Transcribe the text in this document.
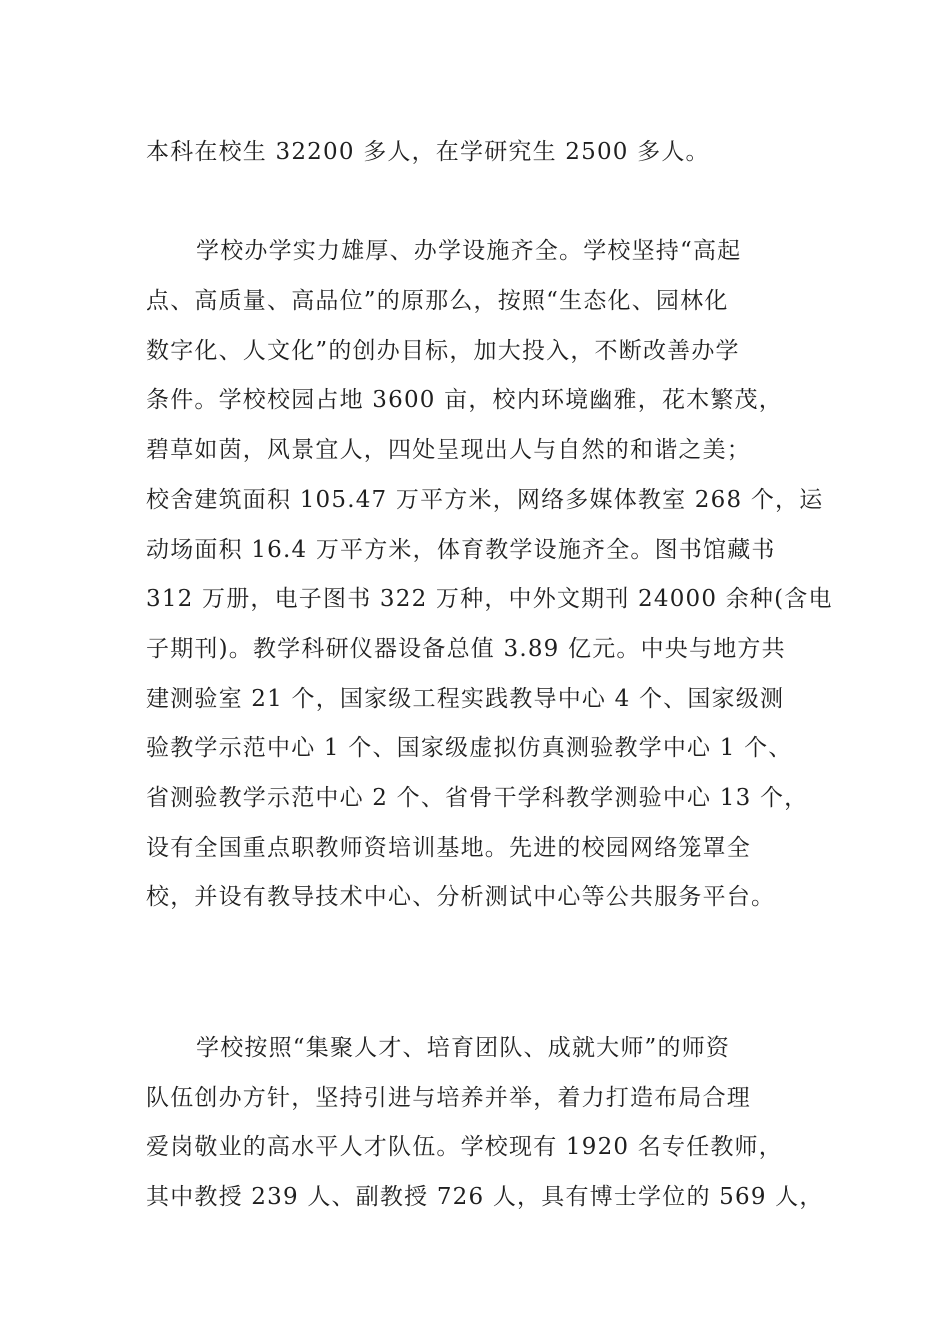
本科在校生 32200 多人，在学研究生 2500 多人。
学校办学实力雄厚、办学设施齐全。学校坚持“高起
点、高质量、高品位”的原那么，按照“生态化、园林化
数字化、人文化”的创办目标，加大投入，不断改善办学
条件。学校校园占地 3600 亩，校内环境幽雅，花木繁茂，
碧草如茵，风景宜人，四处呈现出人与自然的和谐之美；
校舍建筑面积 105.47 万平方米，网络多媒体教室 268 个，运
动场面积 16.4 万平方米，体育教学设施齐全。图书馆藏书
312 万册，电子图书 322 万种，中外文期刊 24000 余种(含电
子期刊)。教学科研仪器设备总值 3.89 亿元。中央与地方共
建测验室 21 个，国家级工程实践教导中心 4 个、国家级测
验教学示范中心 1 个、国家级虚拟仿真测验教学中心 1 个、
省测验教学示范中心 2 个、省骨干学科教学测验中心 13 个，
设有全国重点职教师资培训基地。先进的校园网络笼罩全
校，并设有教导技术中心、分析测试中心等公共服务平台。
学校按照“集聚人才、培育团队、成就大师”的师资
队伍创办方针，坚持引进与培养并举，着力打造布局合理
爱岗敬业的高水平人才队伍。学校现有 1920 名专任教师，
其中教授 239 人、副教授 726 人，具有博士学位的 569 人，
